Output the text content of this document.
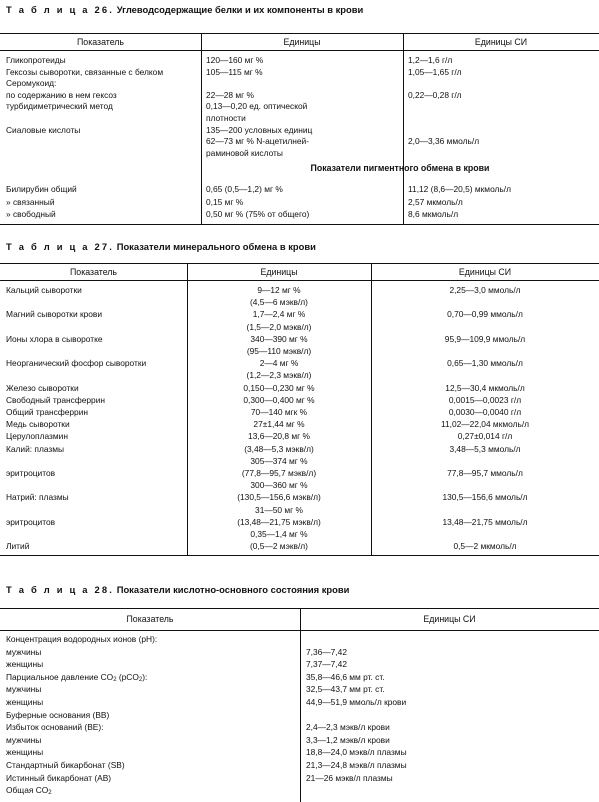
Т а б л и ц а 26. Углеводсодержащие белки и их компоненты в крови
Показатель	Единицы	Единицы СИ
Гликопротеиды	120—160 мг %	1,2—1,6 г/л
Гексозы сыворотки, связанные с белком	105—115 мг %	1,05—1,65 г/л
Серомукоид:
по содержанию в нем гексоз	22—28 мг %	0,22—0,28 г/л
турбидиметрический метод	0,13—0,20 ед. оптической
плотности
Сиаловые кислоты	135—200 условных единиц
62—73 мг % N-ацетилней-	2,0—3,36 ммоль/л
раминовой кислоты
Показатели пигментного обмена в крови
Билирубин общий	0,65 (0,5—1,2) мг %	11,12 (8,6—20,5) мкмоль/л
» связанный	0,15 мг %	2,57 мкмоль/л
» свободный	0,50 мг % (75% от общего)	8,6 мкмоль/л
Т а б л и ц а 27. Показатели минерального обмена в крови
Показатель	Единицы	Единицы СИ
Кальций сыворотки	9—12 мг %	2,25—3,0 ммоль/л
(4,5—6 мэкв/л)
Магний сыворотки крови	1,7—2,4 мг %	0,70—0,99 ммоль/л
(1,5—2,0 мэкв/л)
Ионы хлора в сыворотке	340—390 мг %	95,9—109,9 ммоль/л
(95—110 мэкв/л)
Неорганический фосфор сыворотки	2—4 мг %	0,65—1,30 ммоль/л
(1,2—2,3 мэкв/л)
Железо сыворотки	0,150—0,230 мг %	12,5—30,4 мкмоль/л
Свободный трансферрин	0,300—0,400 мг %	0,0015—0,0023 г/л
Общий трансферрин	70—140 мгк %	0,0030—0,0040 г/л
Медь сыворотки	27±1,44 мг %	11,02—22,04 мкмоль/л
Церулоплазмин	13,6—20,8 мг %	0,27±0,014 г/л
Калий: плазмы	(3,48—5,3 мэкв/л)	3,48—5,3 ммоль/л
305—374 мг %
эритроцитов	(77,8—95,7 мэкв/л)	77,8—95,7 ммоль/л
300—360 мг %
Натрий: плазмы	(130,5—156,6 мэкв/л)	130,5—156,6 ммоль/л
31—50 мг %
эритроцитов	(13,48—21,75 мэкв/л)	13,48—21,75 ммоль/л
0,35—1,4 мг %
Литий	(0,5—2 мэкв/л)	0,5—2 мкмоль/л
Т а б л и ц а 28. Показатели кислотно-основного состояния крови
Показатель	Единицы СИ
Концентрация водородных ионов (pH):
мужчины	7,36—7,42
женщины	7,37—7,42
Парциальное давление CO2 (pCO2):	35,8—46,6 мм рт. ст.
мужчины	32,5—43,7 мм рт. ст.
женщины	44,9—51,9 ммоль/л крови
Буферные основания (BB)
Избыток оснований (BE):	2,4—2,3 мэкв/л крови
мужчины	3,3—1,2 мэкв/л крови
женщины	18,8—24,0 мэкв/л плазмы
Стандартный бикарбонат (SB)	21,3—24,8 мэкв/л плазмы
Истинный бикарбонат (AB)	21—26 мэкв/л плазмы
Общая CO2
